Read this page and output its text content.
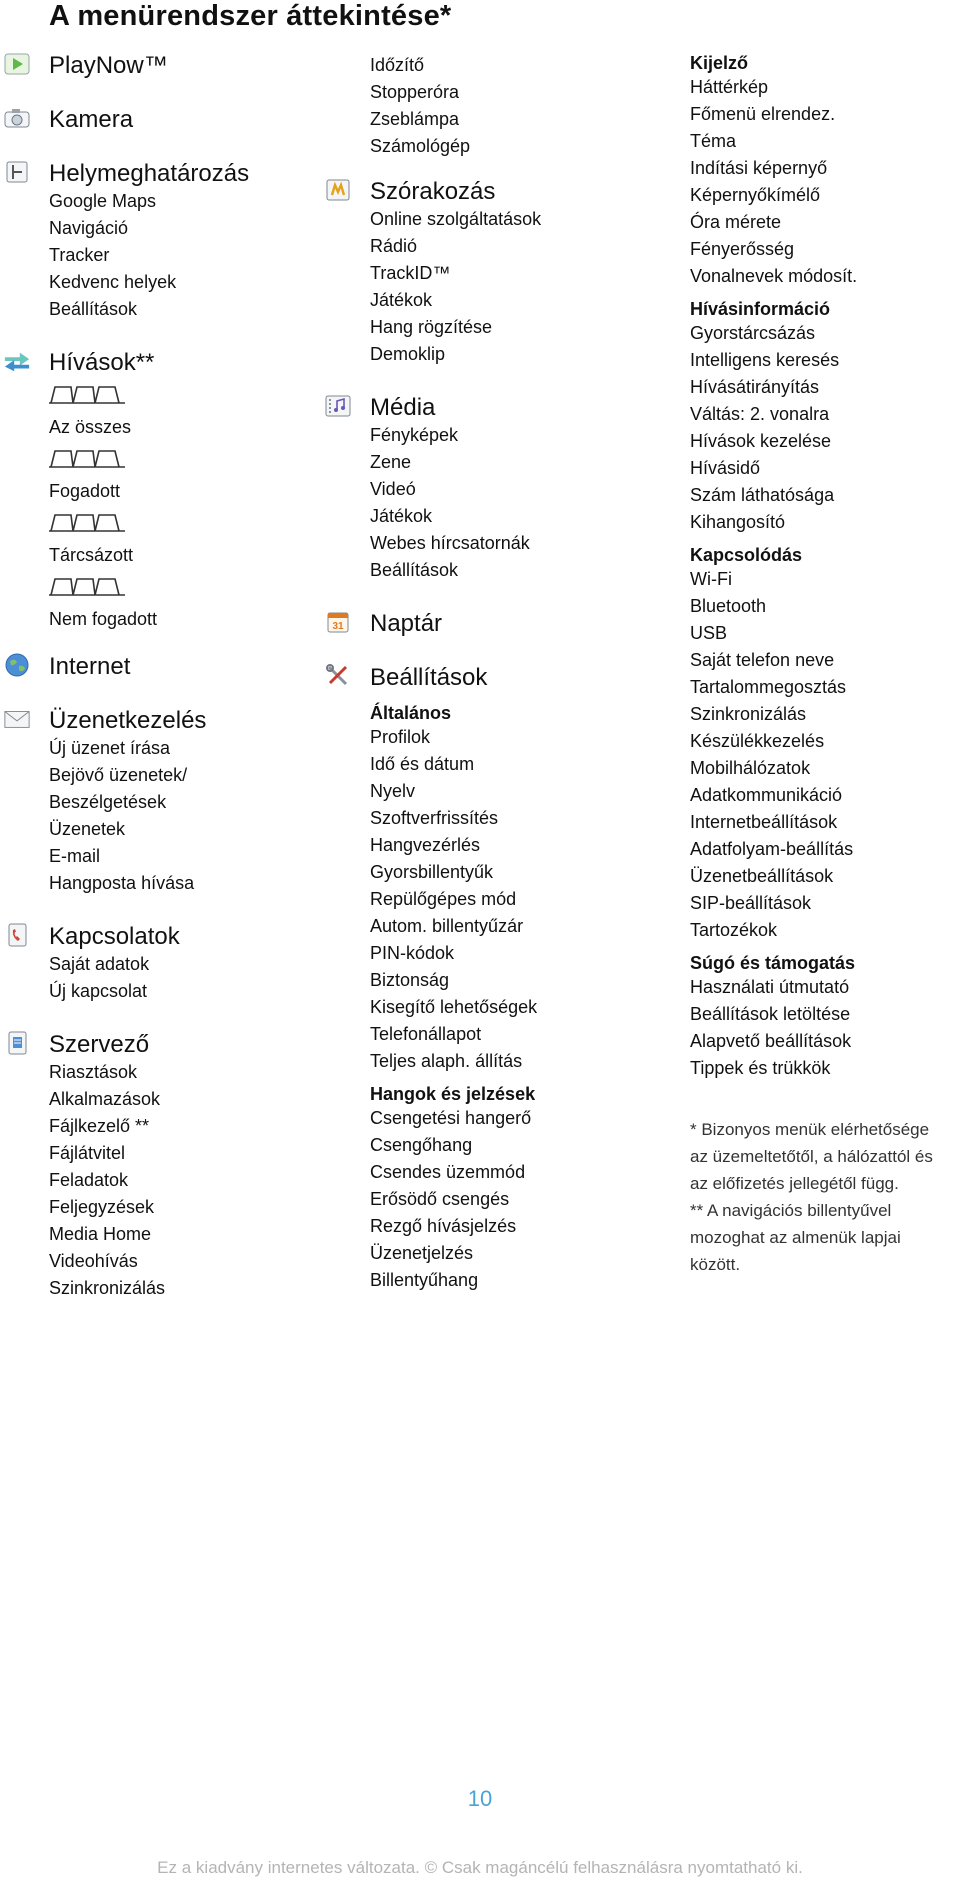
A menürendszer áttekintése*
PlayNow™
Kamera
Helymeghatározás
Google Maps
Navigáció
Tracker
Kedvenc helyek
Beállítások
Hívások**
Az összes
Fogadott
Tárcsázott
Nem fogadott
Internet
Üzenetkezelés
Új üzenet írása
Bejövő üzenetek/
Beszélgetések
Üzenetek
E-mail
Hangposta hívása
Kapcsolatok
Saját adatok
Új kapcsolat
Szervező
Riasztások
Alkalmazások
Fájlkezelő **
Fájlátvitel
Feladatok
Feljegyzések
Media Home
Videohívás
Szinkronizálás
Időzítő
Stopperóra
Zseblámpa
Számológép
Szórakozás
Online szolgáltatások
Rádió
TrackID™
Játékok
Hang rögzítése
Demoklip
Média
Fényképek
Zene
Videó
Játékok
Webes hírcsatornák
Beállítások
31 Naptár
Beállítások
Általános
Profilok
Idő és dátum
Nyelv
Szoftverfrissítés
Hangvezérlés
Gyorsbillentyűk
Repülőgépes mód
Autom. billentyűzár
PIN-kódok
Biztonság
Kisegítő lehetőségek
Telefonállapot
Teljes alaph. állítás
Hangok és jelzések
Csengetési hangerő
Csengőhang
Csendes üzemmód
Erősödő csengés
Rezgő hívásjelzés
Üzenetjelzés
Billentyűhang
Kijelző
Háttérkép
Főmenü elrendez.
Téma
Indítási képernyő
Képernyőkímélő
Óra mérete
Fényerősség
Vonalnevek módosít.
Hívásinformáció
Gyorstárcsázás
Intelligens keresés
Hívásátirányítás
Váltás: 2. vonalra
Hívások kezelése
Hívásidő
Szám láthatósága
Kihangosító
Kapcsolódás
Wi-Fi
Bluetooth
USB
Saját telefon neve
Tartalommegosztás
Szinkronizálás
Készülékkezelés
Mobilhálózatok
Adatkommunikáció
Internetbeállítások
Adatfolyam-beállítás
Üzenetbeállítások
SIP-beállítások
Tartozékok
Súgó és támogatás
Használati útmutató
Beállítások letöltése
Alapvető beállítások
Tippek és trükkök
* Bizonyos menük elérhetősége
az üzemeltetőtől, a hálózattól és
az előfizetés jellegétől függ.
** A navigációs billentyűvel
mozoghat az almenük lapjai
között.
10
Ez a kiadvány internetes változata. © Csak magáncélú felhasználásra nyomtatható ki.
